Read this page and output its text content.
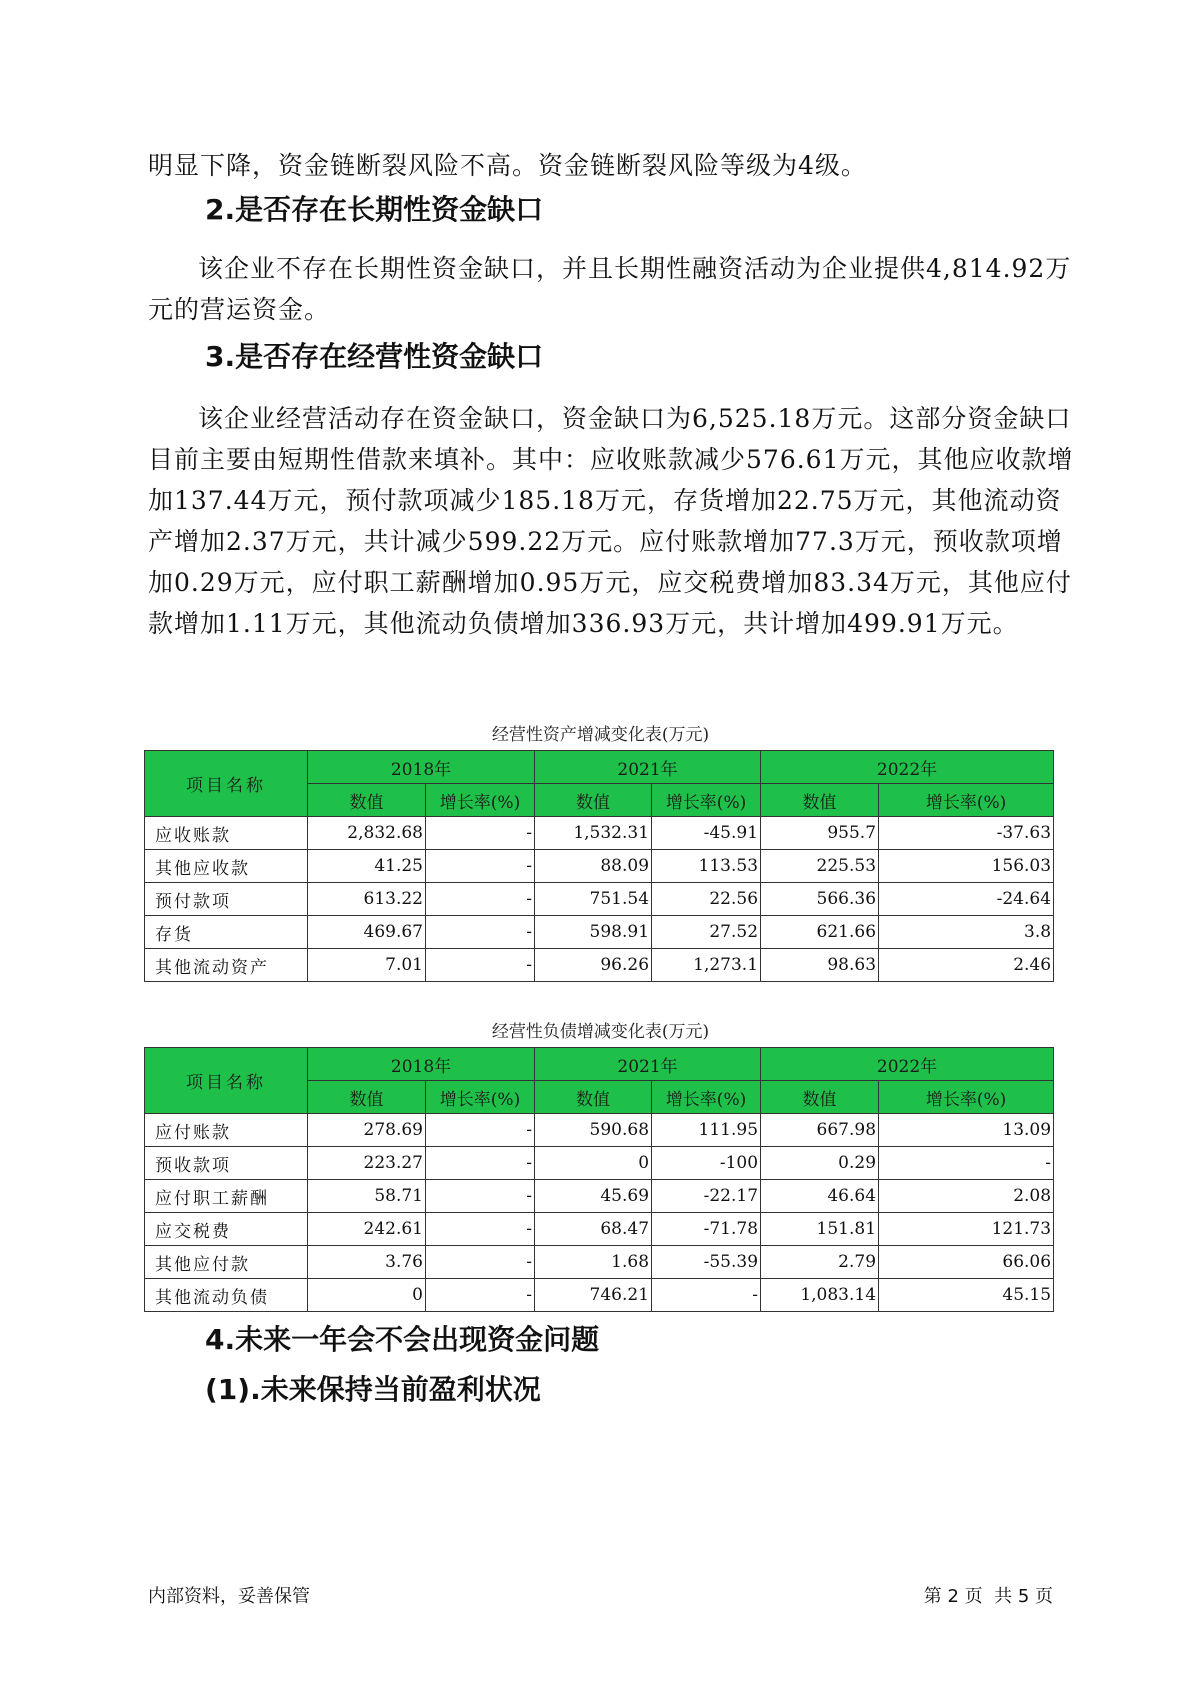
明显下降，资金链断裂风险不高。资金链断裂风险等级为4级。

2.是否存在长期性资金缺口

该企业不存在长期性资金缺口，并且长期性融资活动为企业提供4,814.92万元的营运资金。

3.是否存在经营性资金缺口

该企业经营活动存在资金缺口，资金缺口为6,525.18万元。这部分资金缺口目前主要由短期性借款来填补。其中：应收账款减少576.61万元，其他应收款增加137.44万元，预付款项减少185.18万元，存货增加22.75万元，其他流动资产增加2.37万元，共计减少599.22万元。应付账款增加77.3万元，预收款项增加0.29万元，应付职工薪酬增加0.95万元，应交税费增加83.34万元，其他应付款增加1.11万元，其他流动负债增加336.93万元，共计增加499.91万元。

经营性资产增减变化表(万元)
项目名称	2018年		2021年		2022年	
	数值	增长率(%)	数值	增长率(%)	数值	增长率(%)
应收账款	2,832.68	-	1,532.31	-45.91	955.7	-37.63
其他应收款	41.25	-	88.09	113.53	225.53	156.03
预付款项	613.22	-	751.54	22.56	566.36	-24.64
存货	469.67	-	598.91	27.52	621.66	3.8
其他流动资产	7.01	-	96.26	1,273.1	98.63	2.46
经营性负债增减变化表(万元)
项目名称	2018年		2021年		2022年	
	数值	增长率(%)	数值	增长率(%)	数值	增长率(%)
应付账款	278.69	-	590.68	111.95	667.98	13.09
预收款项	223.27	-	0	-100	0.29	-
应付职工薪酬	58.71	-	45.69	-22.17	46.64	2.08
应交税费	242.61	-	68.47	-71.78	151.81	121.73
其他应付款	3.76	-	1.68	-55.39	2.79	66.06
其他流动负债	0	-	746.21	-	1,083.14	45.15
4.未来一年会不会出现资金问题
(1).未来保持当前盈利状况
内部资料，妥善保管	第 2 页  共 5 页
